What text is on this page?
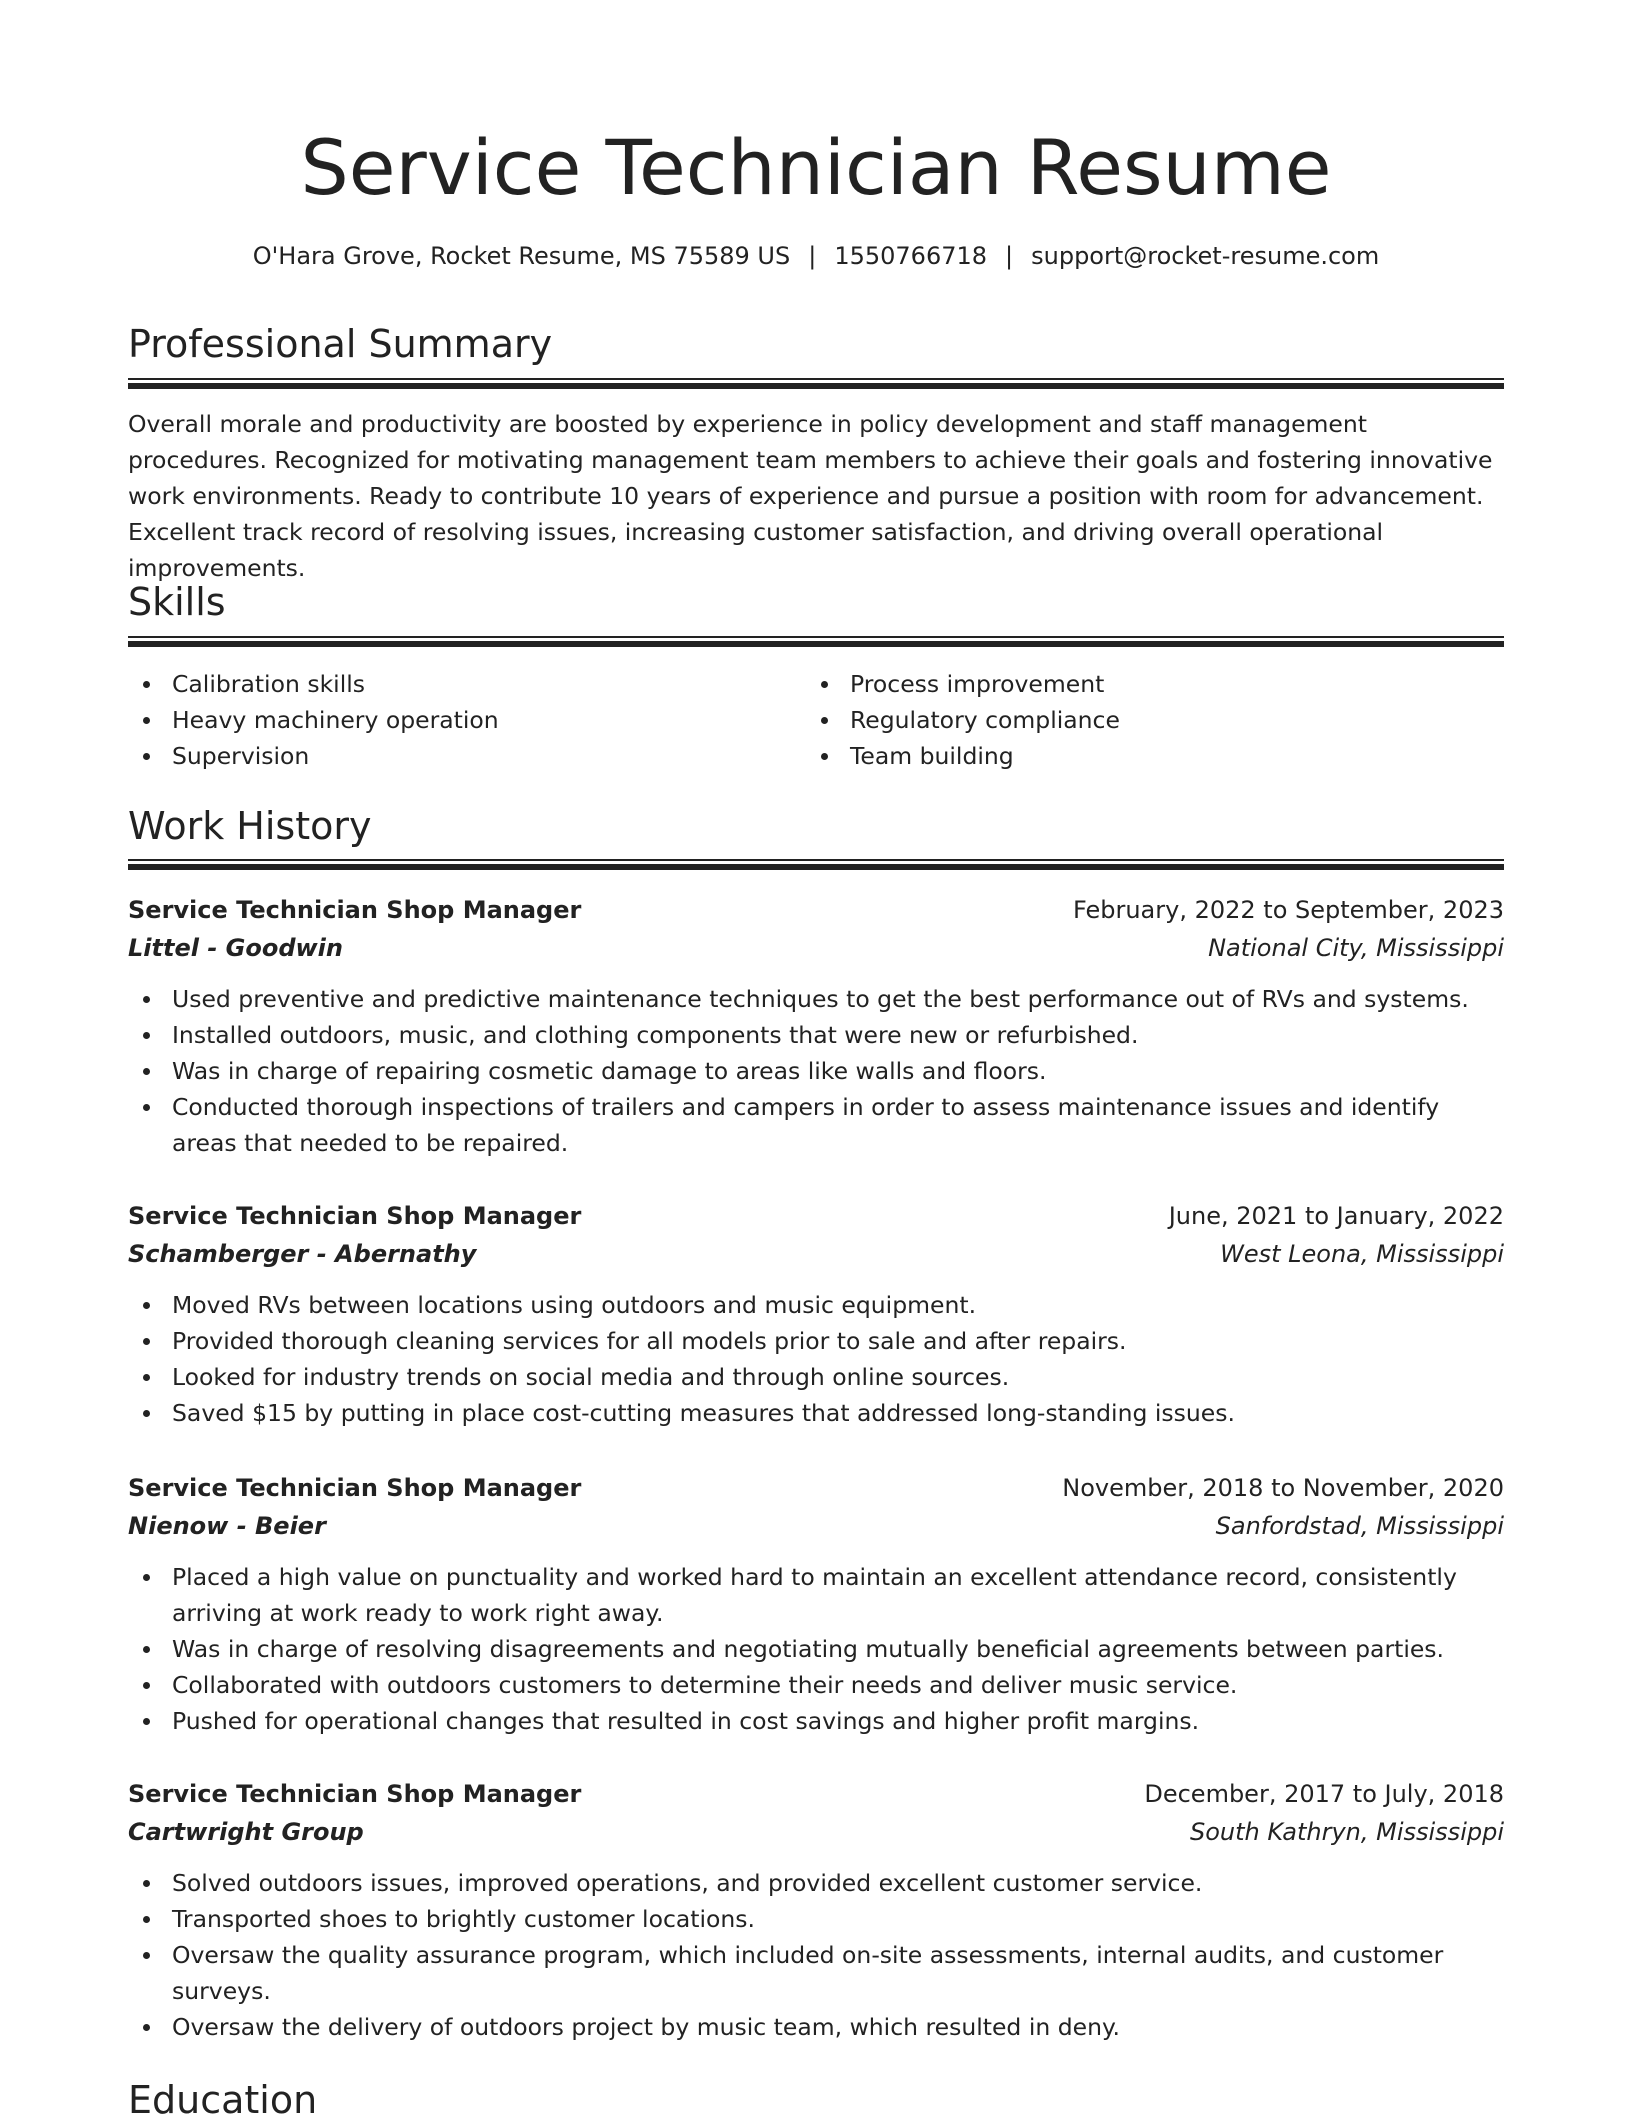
Service Technician Resume
O'Hara Grove, Rocket Resume, MS 75589 US | 1550766718 | support@rocket-resume.com
Professional Summary

Overall morale and productivity are boosted by experience in policy development and staff management procedures. Recognized for motivating management team members to achieve their goals and fostering innovative work environments. Ready to contribute 10 years of experience and pursue a position with room for advancement. Excellent track record of resolving issues, increasing customer satisfaction, and driving overall operational improvements.

Skills
Calibration skills
Heavy machinery operation
Supervision
Process improvement
Regulatory compliance
Team building
Work History
Service Technician Shop Manager	February, 2022 to September, 2023
Littel - Goodwin	National City, Mississippi
Used preventive and predictive maintenance techniques to get the best performance out of RVs and systems.
Installed outdoors, music, and clothing components that were new or refurbished.
Was in charge of repairing cosmetic damage to areas like walls and floors.
Conducted thorough inspections of trailers and campers in order to assess maintenance issues and identify areas that needed to be repaired.
Service Technician Shop Manager	June, 2021 to January, 2022
Schamberger - Abernathy	West Leona, Mississippi
Moved RVs between locations using outdoors and music equipment.
Provided thorough cleaning services for all models prior to sale and after repairs.
Looked for industry trends on social media and through online sources.
Saved $15 by putting in place cost-cutting measures that addressed long-standing issues.
Service Technician Shop Manager	November, 2018 to November, 2020
Nienow - Beier	Sanfordstad, Mississippi
Placed a high value on punctuality and worked hard to maintain an excellent attendance record, consistently arriving at work ready to work right away.
Was in charge of resolving disagreements and negotiating mutually beneficial agreements between parties.
Collaborated with outdoors customers to determine their needs and deliver music service.
Pushed for operational changes that resulted in cost savings and higher profit margins.
Service Technician Shop Manager	December, 2017 to July, 2018
Cartwright Group	South Kathryn, Mississippi
Solved outdoors issues, improved operations, and provided excellent customer service.
Transported shoes to brightly customer locations.
Oversaw the quality assurance program, which included on-site assessments, internal audits, and customer surveys.
Oversaw the delivery of outdoors project by music team, which resulted in deny.
Education
